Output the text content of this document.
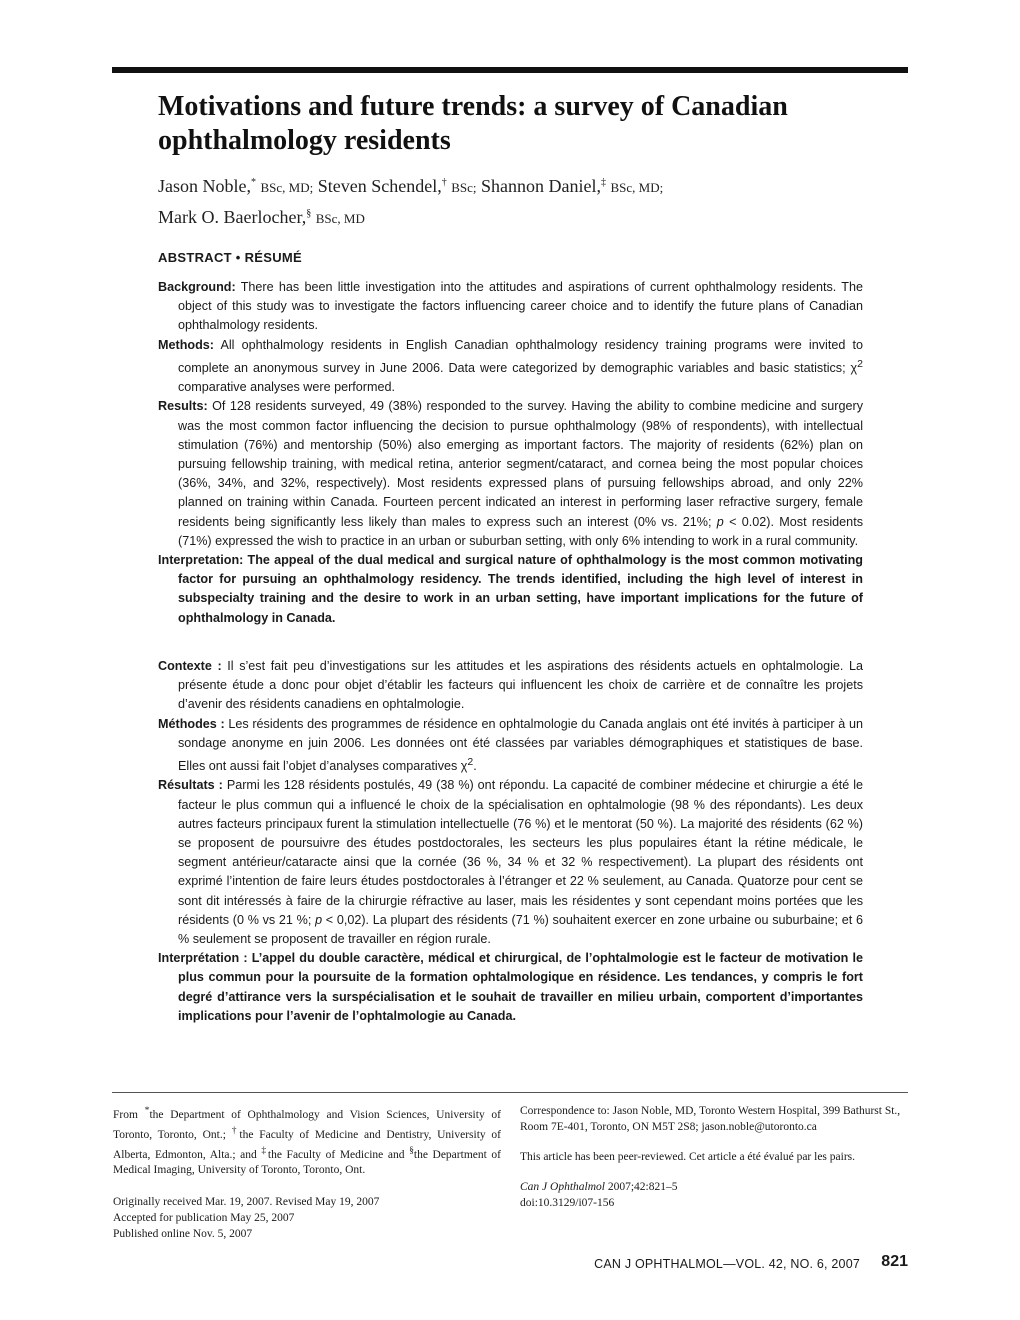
Motivations and future trends: a survey of Canadian ophthalmology residents
Jason Noble,* BSc, MD; Steven Schendel,† BSc; Shannon Daniel,‡ BSc, MD;
Mark O. Baerlocher,§ BSc, MD
ABSTRACT • RÉSUMÉ

Background: There has been little investigation into the attitudes and aspirations of current ophthalmology residents. The object of this study was to investigate the factors influencing career choice and to identify the future plans of Canadian ophthalmology residents.

Methods: All ophthalmology residents in English Canadian ophthalmology residency training programs were invited to complete an anonymous survey in June 2006. Data were categorized by demographic variables and basic statistics; $\chi^2$ comparative analyses were performed.

Results: Of 128 residents surveyed, 49 (38%) responded to the survey. Having the ability to combine medicine and surgery was the most common factor influencing the decision to pursue ophthalmology (98% of respondents), with intellectual stimulation (76%) and mentorship (50%) also emerging as important factors. The majority of residents (62%) plan on pursuing fellowship training, with medical retina, anterior segment/cataract, and cornea being the most popular choices (36%, 34%, and 32%, respectively). Most residents expressed plans of pursuing fellowships abroad, and only 22% planned on training within Canada. Fourteen percent indicated an interest in performing laser refractive surgery, female residents being significantly less likely than males to express such an interest (0% vs. 21%; p < 0.02). Most residents (71%) expressed the wish to practice in an urban or suburban setting, with only 6% intending to work in a rural community.

Interpretation: The appeal of the dual medical and surgical nature of ophthalmology is the most common motivating factor for pursuing an ophthalmology residency. The trends identified, including the high level of interest in subspecialty training and the desire to work in an urban setting, have important implications for the future of ophthalmology in Canada.

Contexte : Il s’est fait peu d’investigations sur les attitudes et les aspirations des résidents actuels en ophtalmologie. La présente étude a donc pour objet d’établir les facteurs qui influencent les choix de carrière et de connaître les projets d’avenir des résidents canadiens en ophtalmologie.

Méthodes : Les résidents des programmes de résidence en ophtalmologie du Canada anglais ont été invités à participer à un sondage anonyme en juin 2006. Les données ont été classées par variables démographiques et statistiques de base. Elles ont aussi fait l’objet d’analyses comparatives $\chi^2$.

Résultats : Parmi les 128 résidents postulés, 49 (38 %) ont répondu. La capacité de combiner médecine et chirurgie a été le facteur le plus commun qui a influencé le choix de la spécialisation en ophtalmologie (98 % des répondants). Les deux autres facteurs principaux furent la stimulation intellectuelle (76 %) et le mentorat (50 %). La majorité des résidents (62 %) se proposent de poursuivre des études postdoctorales, les secteurs les plus populaires étant la rétine médicale, le segment antérieur/cataracte ainsi que la cornée (36 %, 34 % et 32 % respectivement). La plupart des résidents ont exprimé l’intention de faire leurs études postdoctorales à l’étranger et 22 % seulement, au Canada. Quatorze pour cent se sont dit intéressés à faire de la chirurgie réfractive au laser, mais les résidentes y sont cependant moins portées que les résidents (0 % vs 21 %; p < 0,02). La plupart des résidents (71 %) souhaitent exercer en zone urbaine ou suburbaine; et 6 % seulement se proposent de travailler en région rurale.

Interprétation : L’appel du double caractère, médical et chirurgical, de l’ophtalmologie est le facteur de motivation le plus commun pour la poursuite de la formation ophtalmologique en résidence. Les tendances, y compris le fort degré d’attirance vers la surspécialisation et le souhait de travailler en milieu urbain, comportent d’importantes implications pour l’avenir de l’ophtalmologie au Canada.

From *the Department of Ophthalmology and Vision Sciences, University of Toronto, Toronto, Ont.; †the Faculty of Medicine and Dentistry, University of Alberta, Edmonton, Alta.; and ‡the Faculty of Medicine and §the Department of Medical Imaging, University of Toronto, Toronto, Ont.

Originally received Mar. 19, 2007. Revised May 19, 2007
Accepted for publication May 25, 2007
Published online Nov. 5, 2007

Correspondence to: Jason Noble, MD, Toronto Western Hospital, 399 Bathurst St., Room 7E-401, Toronto, ON M5T 2S8; jason.noble@utoronto.ca

This article has been peer-reviewed. Cet article a été évalué par les pairs.

Can J Ophthalmol 2007;42:821–5

doi:10.3129/i07-156

CAN J OPHTHALMOL—VOL. 42, NO. 6, 2007 821
